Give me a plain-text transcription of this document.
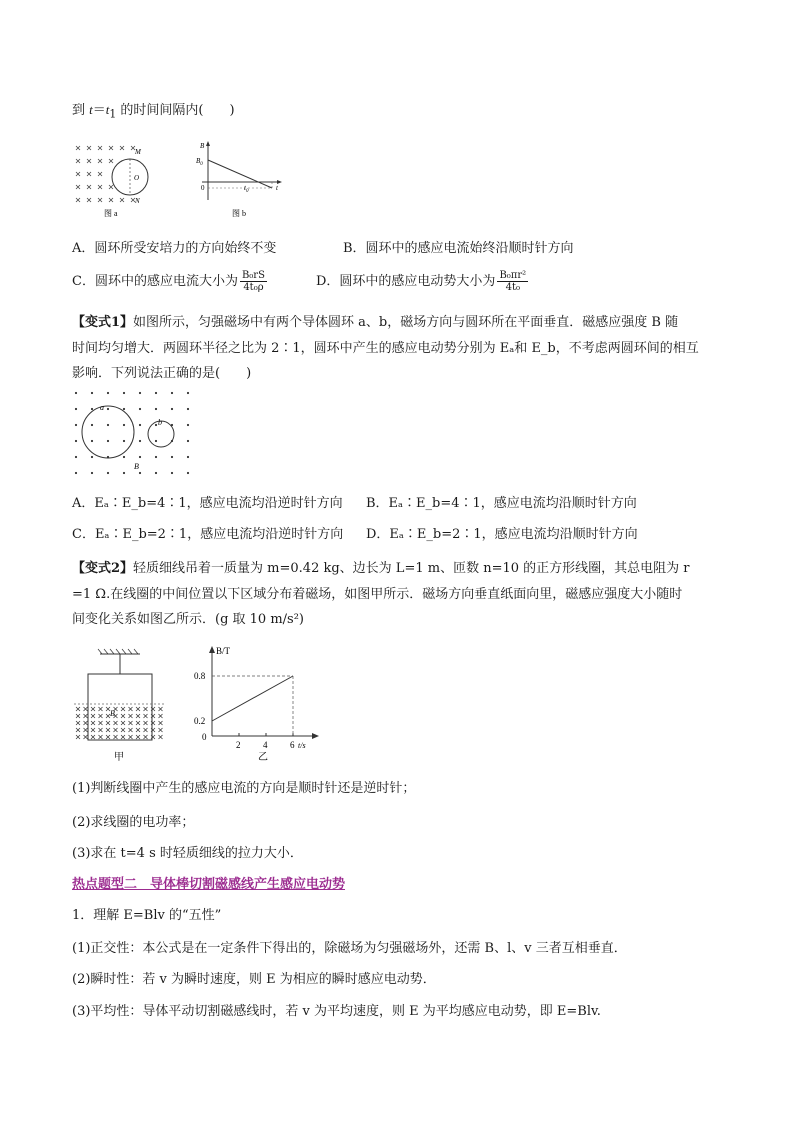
到 $t=t_1$ 的时间间隔内(　　)
M
O
N
图 a
B
$B_0$
0	$t_0$	t
图 b
A．圆环所受安培力的方向始终不变	B．圆环中的感应电流始终沿顺时针方向
C．圆环中的感应电流大小为 $\frac{\text{B₀rS}}{\text{4t₀ρ}}$	D．圆环中的感应电动势大小为 $\frac{\text{B₀πr²}}{\text{4t₀}}$
【变式1】如图所示，匀强磁场中有两个导体圆环 a、b，磁场方向与圆环所在平面垂直．磁感应强度 B 随
时间均匀增大．两圆环半径之比为 2∶1，圆环中产生的感应电动势分别为 Eₐ和 E_b，不考虑两圆环间的相互
影响．下列说法正确的是(　　)
a
b
B
A．Eₐ∶E_b=4∶1，感应电流均沿逆时针方向 B．Eₐ∶E_b=4∶1，感应电流均沿顺时针方向
C．Eₐ∶E_b=2∶1，感应电流均沿逆时针方向 D．Eₐ∶E_b=2∶1，感应电流均沿顺时针方向
【变式2】轻质细线吊着一质量为 m=0.42 kg、边长为 L=1 m、匝数 n=10 的正方形线圈，其总电阻为 r
=1 Ω.在线圈的中间位置以下区域分布着磁场，如图甲所示．磁场方向垂直纸面向里，磁感应强度大小随时
间变化关系如图乙所示．(g 取 10 m/s²)
B
甲
2	4	6
0.2
0.8
B/T
t/s
0
乙
(1)判断线圈中产生的感应电流的方向是顺时针还是逆时针；
(2)求线圈的电功率；
(3)求在 t=4 s 时轻质细线的拉力大小．
热点题型二　导体棒切割磁感线产生感应电动势
1．理解 E=Blv 的“五性”
(1)正交性：本公式是在一定条件下得出的，除磁场为匀强磁场外，还需 B、l、v 三者互相垂直．
(2)瞬时性：若 v 为瞬时速度，则 E 为相应的瞬时感应电动势．
(3)平均性：导体平动切割磁感线时，若 v 为平均速度，则 E 为平均感应电动势，即 E=Blv.
